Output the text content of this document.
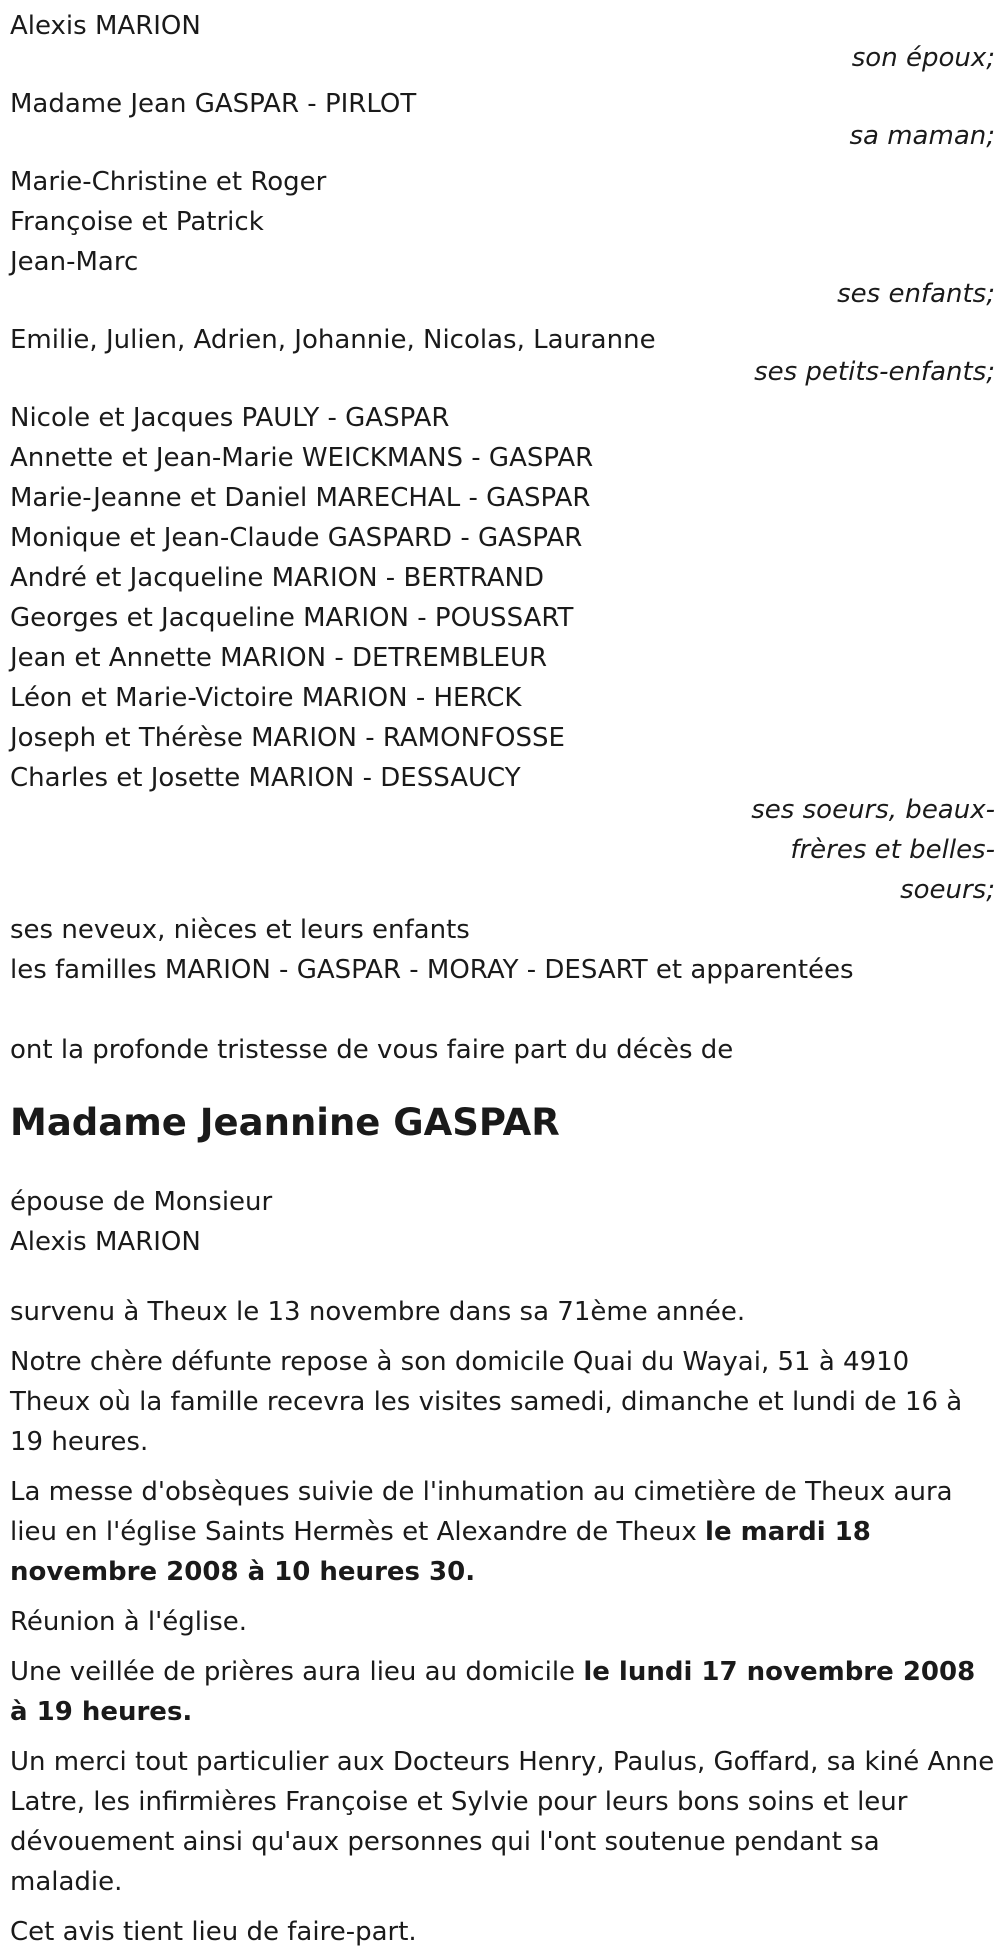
Alexis MARION
son époux;
Madame Jean GASPAR - PIRLOT
sa maman;
Marie-Christine et Roger
Françoise et Patrick
Jean-Marc
ses enfants;
Emilie, Julien, Adrien, Johannie, Nicolas, Lauranne
ses petits-enfants;
Nicole et Jacques PAULY - GASPAR
Annette et Jean-Marie WEICKMANS - GASPAR
Marie-Jeanne et Daniel MARECHAL - GASPAR
Monique et Jean-Claude GASPARD - GASPAR
André et Jacqueline MARION - BERTRAND
Georges et Jacqueline MARION - POUSSART
Jean et Annette MARION - DETREMBLEUR
Léon et Marie-Victoire MARION - HERCK
Joseph et Thérèse MARION - RAMONFOSSE
Charles et Josette MARION - DESSAUCY
ses soeurs, beaux-
frères et belles-
soeurs;
ses neveux, nièces et leurs enfants
les familles MARION - GASPAR - MORAY - DESART et apparentées
ont la profonde tristesse de vous faire part du décès de
Madame Jeannine GASPAR
épouse de Monsieur
Alexis MARION

survenu à Theux le 13 novembre dans sa 71ème année.

Notre chère défunte repose à son domicile Quai du Wayai, 51 à 4910 Theux où la famille recevra les visites samedi, dimanche et lundi de 16 à 19 heures.

La messe d'obsèques suivie de l'inhumation au cimetière de Theux aura lieu en l'église Saints Hermès et Alexandre de Theux le mardi 18 novembre 2008 à 10 heures 30.

Réunion à l'église.

Une veillée de prières aura lieu au domicile le lundi 17 novembre 2008 à 19 heures.

Un merci tout particulier aux Docteurs Henry, Paulus, Goffard, sa kiné Anne Latre, les infirmières Françoise et Sylvie pour leurs bons soins et leur dévouement ainsi qu'aux personnes qui l'ont soutenue pendant sa maladie.

Cet avis tient lieu de faire-part.
